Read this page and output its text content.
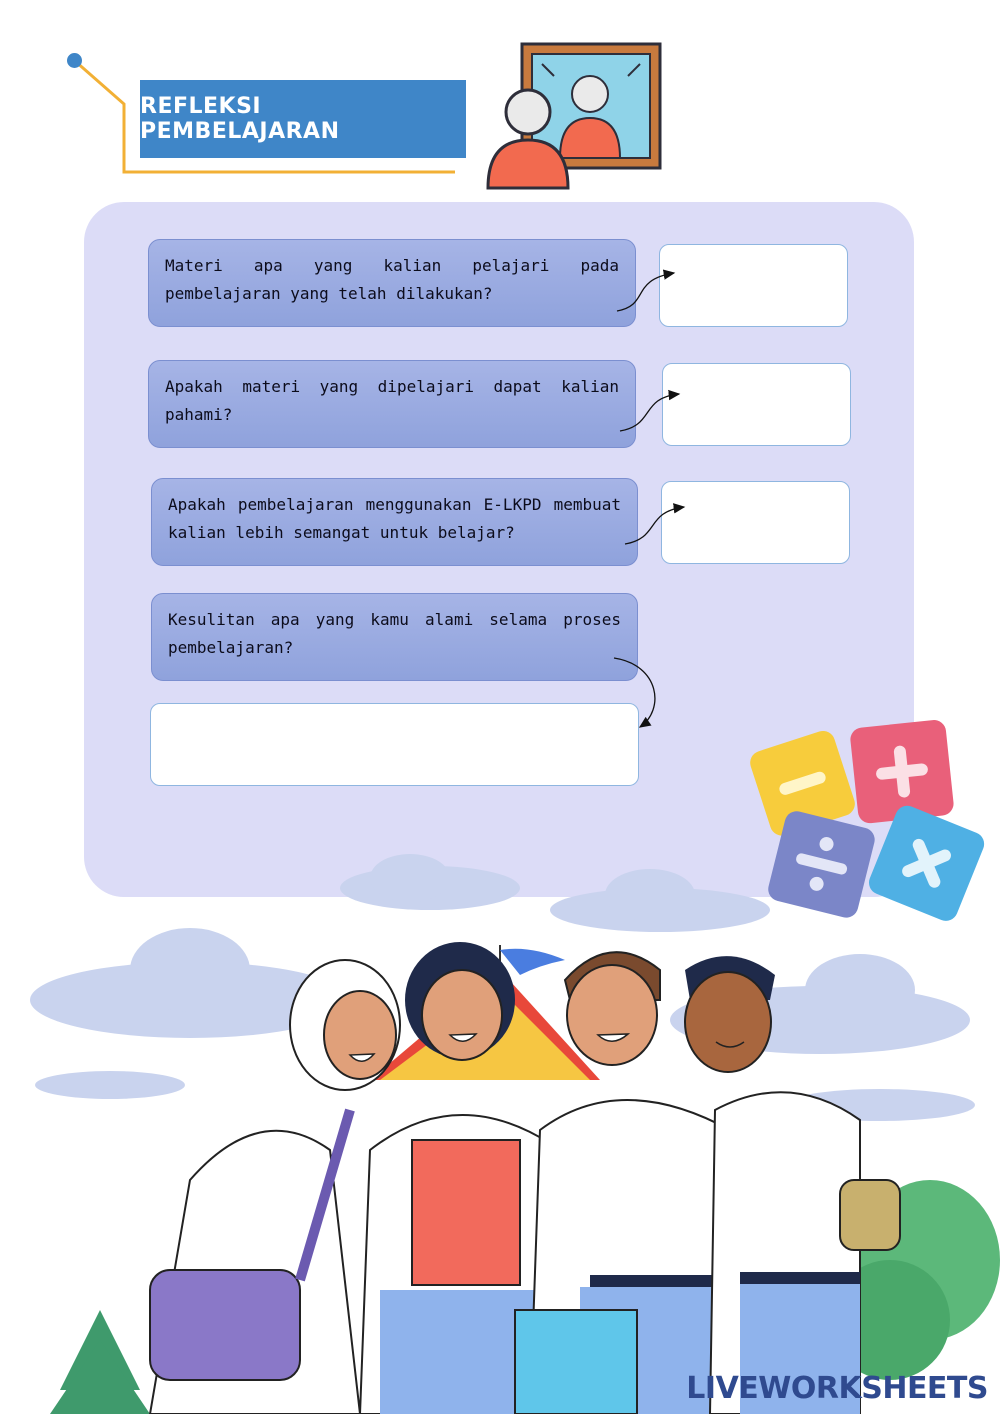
REFLEKSI PEMBELAJARAN
Materi apa yang kalian pelajari pada pembelajaran yang telah dilakukan?
Apakah materi yang dipelajari dapat kalian pahami?
Apakah pembelajaran menggunakan E-LKPD membuat kalian lebih semangat untuk belajar?
Kesulitan apa yang kamu alami selama proses pembelajaran?
LIVEWORKSHEETS
